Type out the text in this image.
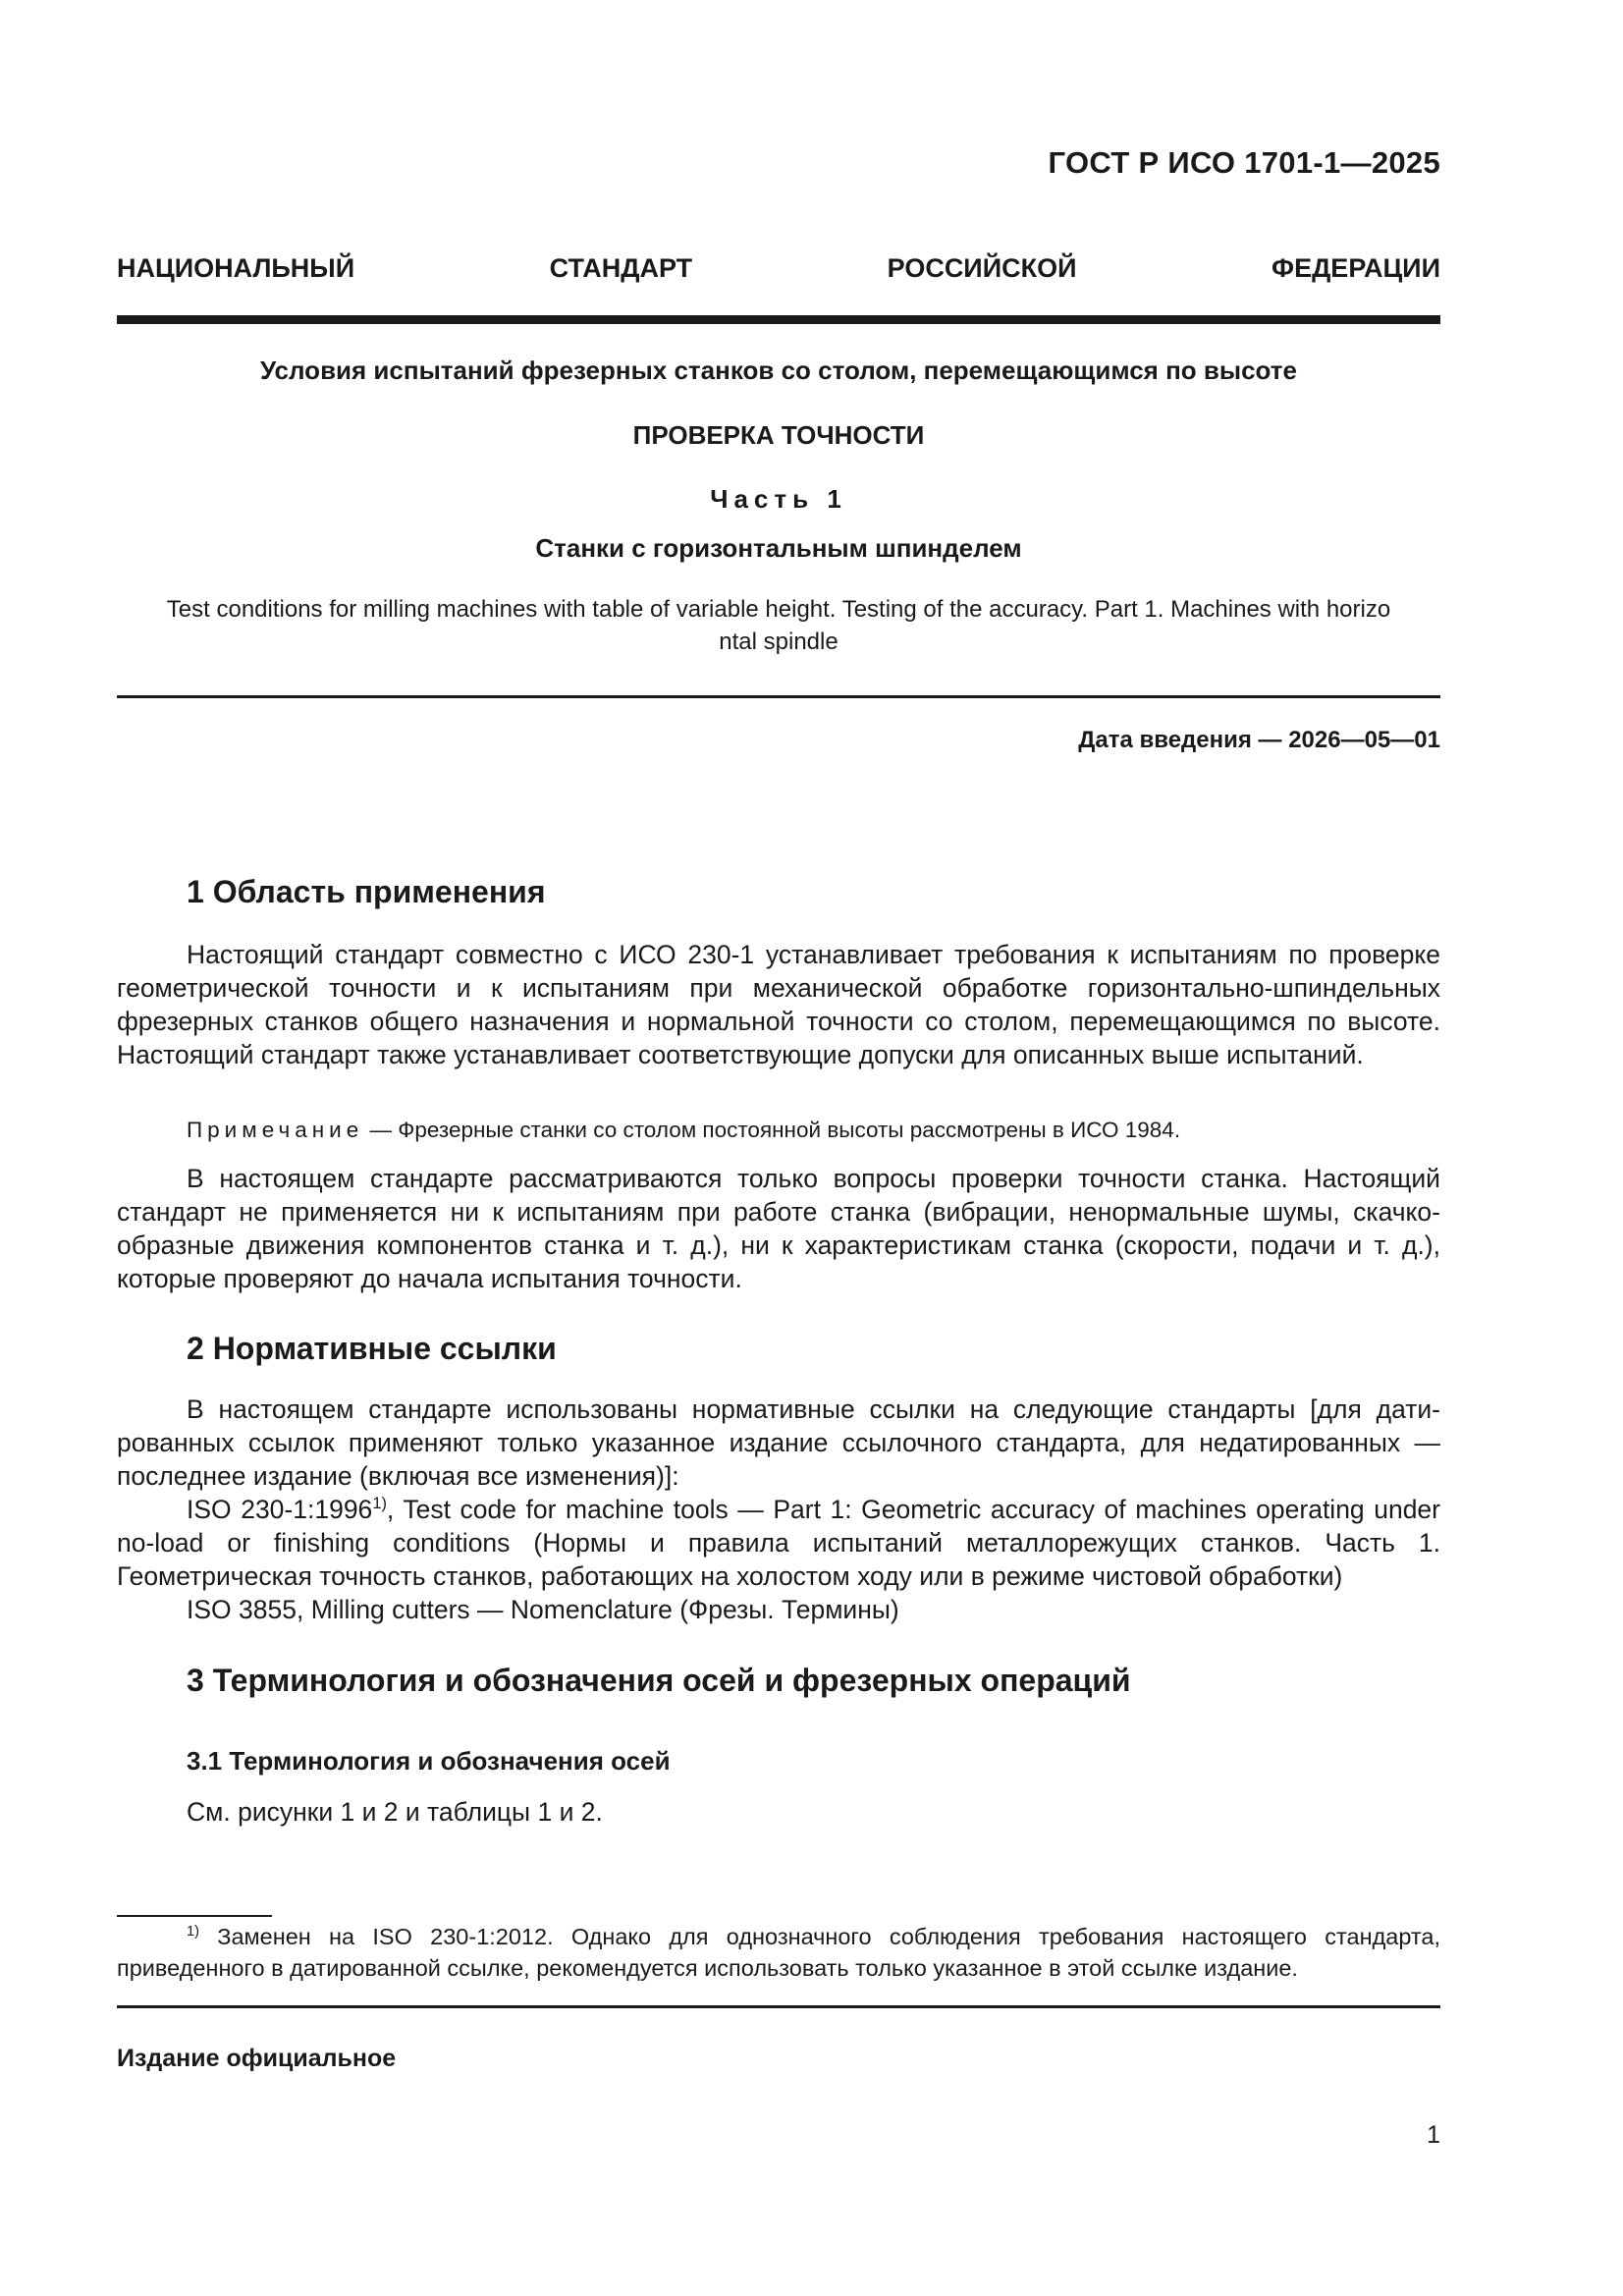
ГОСТ Р ИСО 1701-1—2025
НАЦИОНАЛЬНЫЙ СТАНДАРТ РОССИЙСКОЙ ФЕДЕРАЦИИ
Условия испытаний фрезерных станков со столом, перемещающимся по высоте
ПРОВЕРКА ТОЧНОСТИ
Часть 1
Станки с горизонтальным шпинделем
Test conditions for milling machines with table of variable height. Testing of the accuracy. Part 1. Machines with horizo
ntal spindle
Дата введения — 2026—05—01
1 Область применения
Настоящий стандарт совместно с ИСО 230-1 устанавливает требования к испытаниям по проверке геометрической точности и к испытаниям при механической обработке горизонтально-шпиндельных фрезерных станков общего назначения и нормальной точности со столом, перемещающимся по высоте. Настоящий стандарт также устанавливает соответствующие допуски для описанных выше испытаний.
Примечание — Фрезерные станки со столом постоянной высоты рассмотрены в ИСО 1984.
В настоящем стандарте рассматриваются только вопросы проверки точности станка. Настоящий стандарт не применяется ни к испытаниям при работе станка (вибрации, ненормальные шумы, скачкообразные движения компонентов станка и т. д.), ни к характеристикам станка (скорости, подачи и т. д.), которые проверяют до начала испытания точности.
2 Нормативные ссылки
В настоящем стандарте использованы нормативные ссылки на следующие стандарты [для датированных ссылок применяют только указанное издание ссылочного стандарта, для недатированных — последнее издание (включая все изменения)]:
ISO 230-1:1996$^{1)}$, Test code for machine tools — Part 1: Geometric accuracy of machines operating under no-load or finishing conditions (Нормы и правила испытаний металлорежущих станков. Часть 1. Геометрическая точность станков, работающих на холостом ходу или в режиме чистовой обработки)
ISO 3855, Milling cutters — Nomenclature (Фрезы. Термины)
3 Терминология и обозначения осей и фрезерных операций
3.1 Терминология и обозначения осей
См. рисунки 1 и 2 и таблицы 1 и 2.
$^{1)}$ Заменен на ISO 230-1:2012. Однако для однозначного соблюдения требования настоящего стандарта, приведенного в датированной ссылке, рекомендуется использовать только указанное в этой ссылке издание.
Издание официальное
1
